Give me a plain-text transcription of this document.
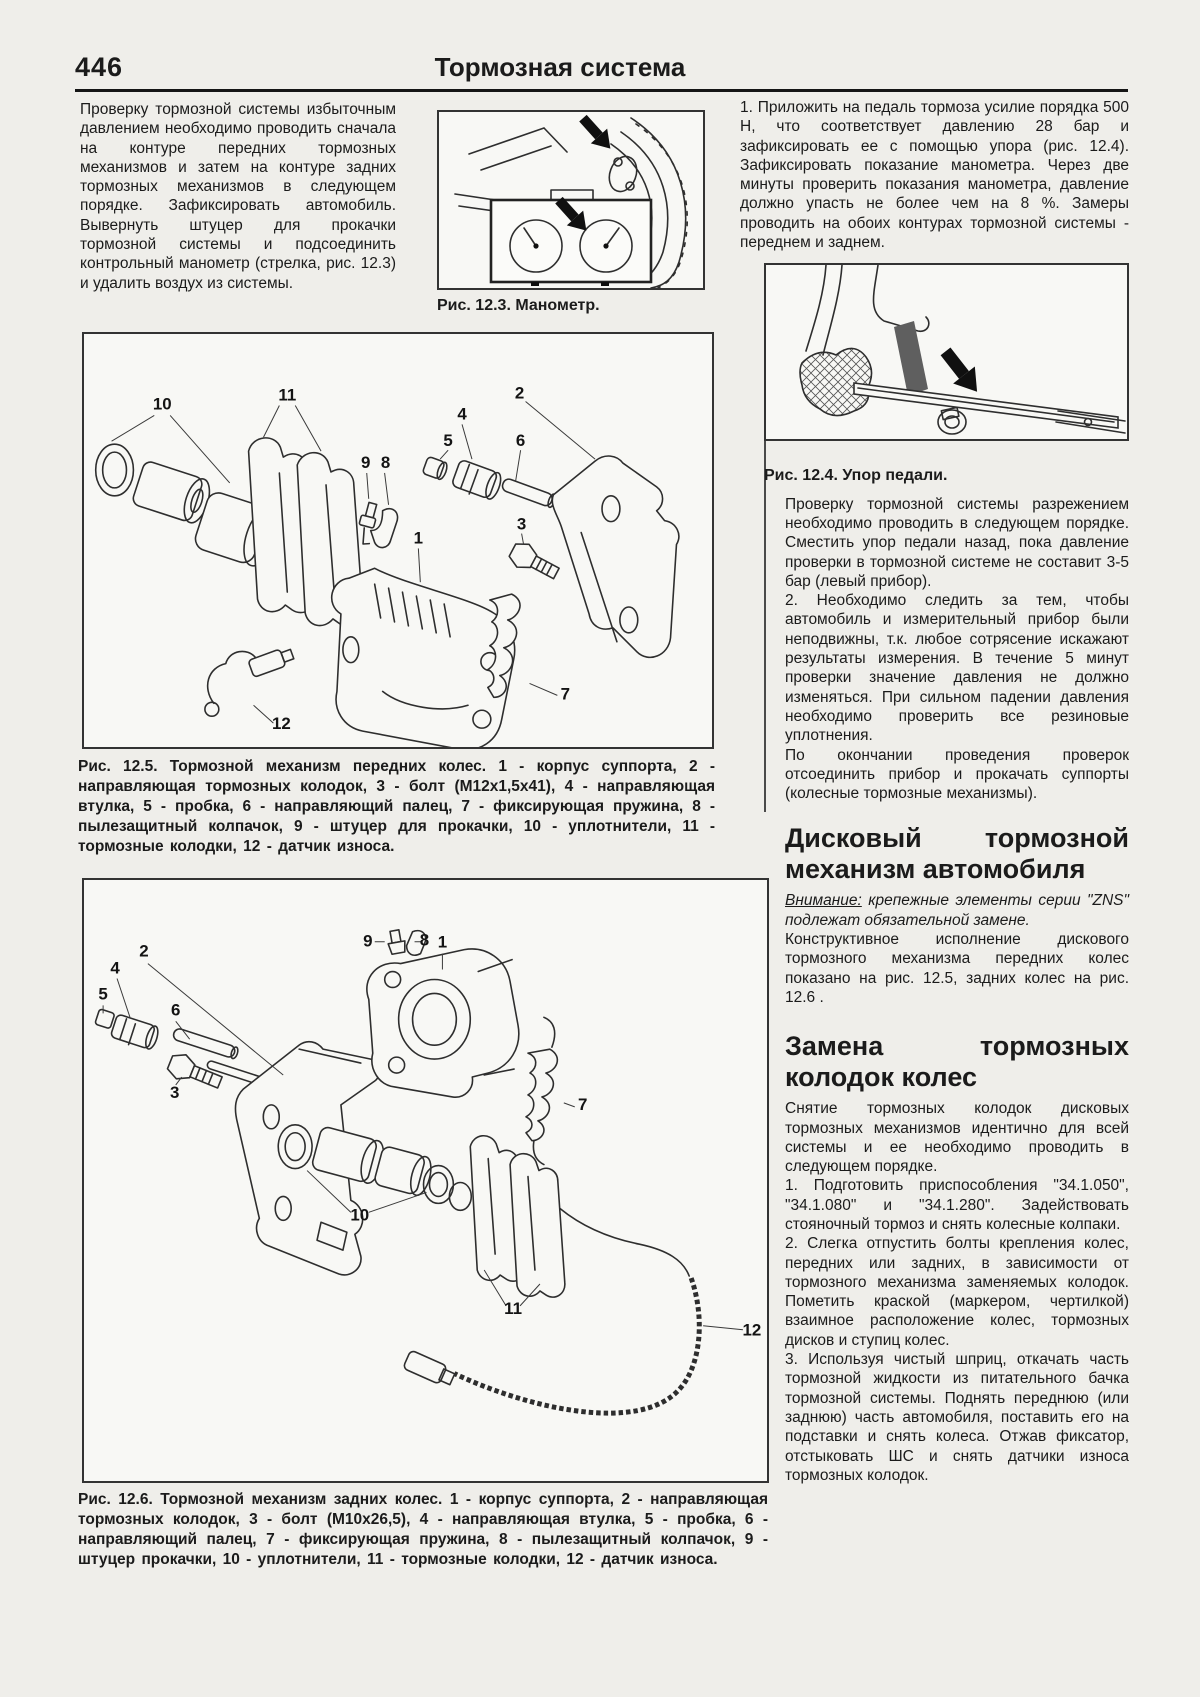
446	Тормозная система

Проверку тормозной системы избыточным давлением необходимо проводить сначала на контуре передних тормозных механизмов и затем на контуре задних тормозных механизмов в следующем порядке. Зафиксировать автомобиль. Вывернуть штуцер для прокачки тормозной системы и подсоединить контрольный манометр (стрелка, рис. 12.3) и удалить воздух из системы.

Рис. 12.3. Манометр.

1. Приложить на педаль тормоза усилие порядка 500 Н, что соответствует давлению 28 бар и зафиксировать ее с помощью упора (рис. 12.4). Зафиксировать показание манометра. Через две минуты проверить показания манометра, давление должно упасть не более чем на 8 %. Замеры проводить на обоих контурах тормозной системы - переднем и заднем.

Рис. 12.4. Упор педали.

Проверку тормозной системы разрежением необходимо проводить в следующем порядке. Сместить упор педали назад, пока давление проверки в тормозной системе не составит 3-5 бар (левый прибор).

2. Необходимо следить за тем, чтобы автомобиль и измерительный прибор были неподвижны, т.к. любое сотрясение искажают результаты измерения. В течение 5 минут проверки значение давления не должно изменяться. При сильном падении давления необходимо проверить все резиновые уплотнения.

По окончании проведения проверок отсоединить прибор и прокачать суппорты (колесные тормозные механизмы).

Дисковый тормозной механизм автомобиля

Внимание: крепежные элементы серии "ZNS" подлежат обязательной замене.

Конструктивное исполнение дискового тормозного механизма передних колес показано на рис. 12.5, задних колес на рис. 12.6 .

Замена тормозных колодок колес

Снятие тормозных колодок дисковых тормозных механизмов идентично для всей системы и ее необходимо проводить в следующем порядке.

1. Подготовить приспособления "34.1.050", "34.1.080" и "34.1.280". Задействовать стояночный тормоз и снять колесные колпаки.

2. Слегка отпустить болты крепления колес, передних или задних, в зависимости от тормозного механизма заменяемых колодок. Пометить краской (маркером, чертилкой) взаимное расположение колес, тормозных дисков и ступиц колес.

3. Используя чистый шприц, откачать часть тормозной жидкости из питательного бачка тормозной системы. Поднять переднюю (или заднюю) часть автомобиля, поставить его на подставки и снять колеса. Отжав фиксатор, отстыковать ШС и снять датчики износа тормозных колодок.

10	11	2
4
5	6
9 8
1
3
7
12
Рис. 12.5. Тормозной механизм передних колес. 1 - корпус суппорта, 2 - направляющая тормозных колодок, 3 - болт (М12х1,5х41), 4 - направляющая втулка, 5 - пробка, 6 - направляющий палец, 7 - фиксирующая пружина, 8 - пылезащитный колпачок, 9 - штуцер для прокачки, 10 - уплотнители, 11 - тормозные колодки, 12 - датчик износа.
2
4
5
6
3
9	8 1
7
10
11
12
Рис. 12.6. Тормозной механизм задних колес. 1 - корпус суппорта, 2 - направляющая тормозных колодок, 3 - болт (М10х26,5), 4 - направляющая втулка, 5 - пробка, 6 - направляющий палец, 7 - фиксирующая пружина, 8 - пылезащитный колпачок, 9 - штуцер прокачки, 10 - уплотнители, 11 - тормозные колодки, 12 - датчик износа.
